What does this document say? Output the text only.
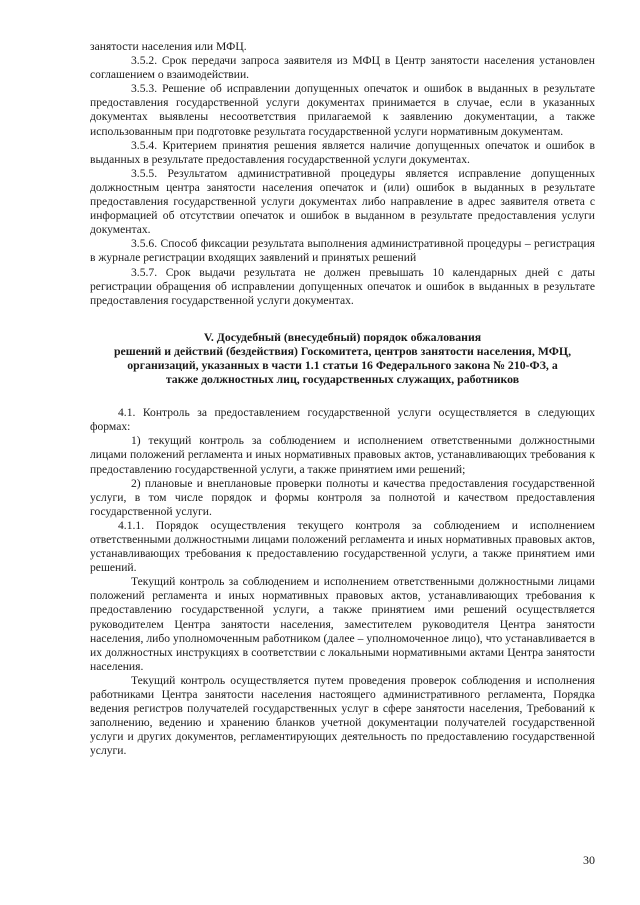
занятости населения или МФЦ.

3.5.2. Срок передачи запроса заявителя из МФЦ в Центр занятости населения установлен соглашением о взаимодействии.

3.5.3. Решение об исправлении допущенных опечаток и ошибок в выданных в результате предоставления государственной услуги документах принимается в случае, если в указанных документах выявлены несоответствия прилагаемой к заявлению документации, а также использованным при подготовке результата государственной услуги нормативным документам.

3.5.4. Критерием принятия решения является наличие допущенных опечаток и ошибок в выданных в результате предоставления государственной услуги документах.

3.5.5. Результатом административной процедуры является исправление допущенных должностным центра занятости населения опечаток и (или) ошибок в выданных в результате предоставления государственной услуги документах либо направление в адрес заявителя ответа с информацией об отсутствии опечаток и ошибок в выданном в результате предоставления услуги документах.

3.5.6. Способ фиксации результата выполнения административной процедуры – регистрация в журнале регистрации входящих заявлений и принятых решений

3.5.7. Срок выдачи результата не должен превышать 10 календарных дней с даты регистрации обращения об исправлении допущенных опечаток и ошибок в выданных в результате предоставления государственной услуги документах.

V. Досудебный (внесудебный) порядок обжалования
решений и действий (бездействия) Госкомитета, центров занятости населения, МФЦ,
организаций, указанных в части 1.1 статьи 16 Федерального закона № 210-ФЗ, а
также должностных лиц, государственных служащих, работников

4.1. Контроль за предоставлением государственной услуги осуществляется в следующих формах:

1) текущий контроль за соблюдением и исполнением ответственными должностными лицами положений регламента и иных нормативных правовых актов, устанавливающих требования к предоставлению государственной услуги, а также принятием ими решений;

2) плановые и внеплановые проверки полноты и качества предоставления государственной услуги, в том числе порядок и формы контроля за полнотой и качеством предоставления государственной услуги.

4.1.1. Порядок осуществления текущего контроля за соблюдением и исполнением ответственными должностными лицами положений регламента и иных нормативных правовых актов, устанавливающих требования к предоставлению государственной услуги, а также принятием ими решений.

Текущий контроль за соблюдением и исполнением ответственными должностными лицами положений регламента и иных нормативных правовых актов, устанавливающих требования к предоставлению государственной услуги, а также принятием ими решений осуществляется руководителем Центра занятости населения, заместителем руководителя Центра занятости населения, либо уполномоченным работником (далее – уполномоченное лицо), что устанавливается в их должностных инструкциях в соответствии с локальными нормативными актами Центра занятости населения.

Текущий контроль осуществляется путем проведения проверок соблюдения и исполнения работниками Центра занятости населения настоящего административного регламента, Порядка ведения регистров получателей государственных услуг в сфере занятости населения, Требований к заполнению, ведению и хранению бланков учетной документации получателей государственной услуги и других документов, регламентирующих деятельность по предоставлению государственной услуги.

30
